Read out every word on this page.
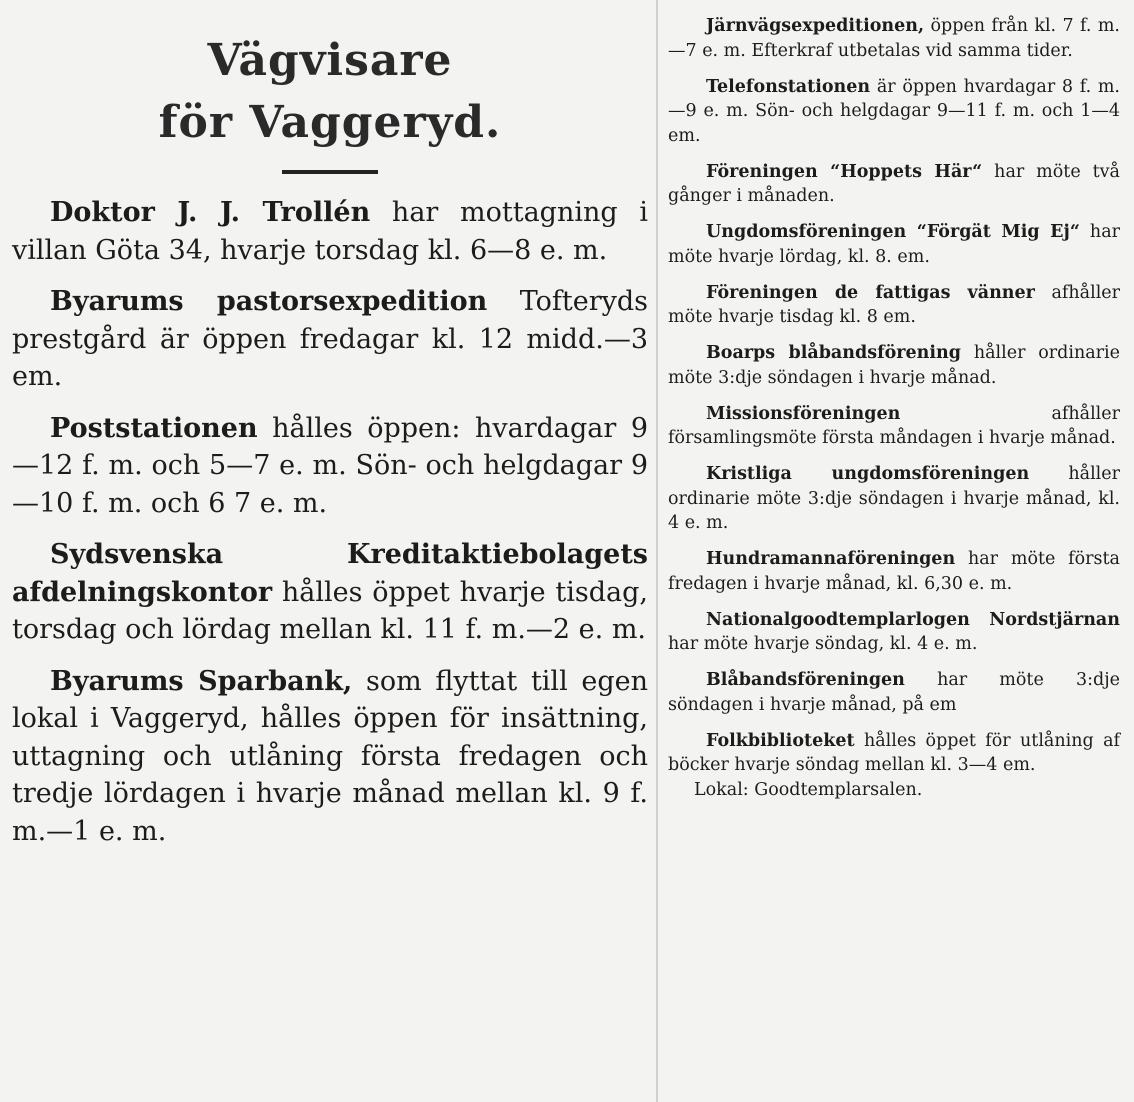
Vägvisare

för Vaggeryd.

Doktor J. J. Trollén har mottagning i villan Göta 34, hvarje torsdag kl. 6—8 e. m.

Byarums pastorsexpedition Tofteryds prestgård är öppen fredagar kl. 12 midd.—3 em.

Poststationen hålles öppen: hvardagar 9—12 f. m. och 5—7 e. m. Sön- och helgdagar 9—10 f. m. och 6 7 e. m.

Sydsvenska Kreditaktiebolagets afdelningskontor hålles öppet hvarje tisdag, torsdag och lördag mellan kl. 11 f. m.—2 e. m.

Byarums Sparbank, som flyttat till egen lokal i Vaggeryd, hålles öppen för insättning, uttagning och utlåning första fredagen och tredje lördagen i hvarje månad mellan kl. 9 f. m.—1 e. m.

Järnvägsexpeditionen, öppen från kl. 7 f. m.—7 e. m. Efterkraf utbetalas vid samma tider.

Telefonstationen är öppen hvardagar 8 f. m.—9 e. m. Sön- och helgdagar 9—11 f. m. och 1—4 em.

Föreningen “Hoppets Här“ har möte två gånger i månaden.

Ungdomsföreningen “Förgät Mig Ej“ har möte hvarje lördag, kl. 8. em.

Föreningen de fattigas vänner afhåller möte hvarje tisdag kl. 8 em.

Boarps blåbandsförening håller ordinarie möte 3:dje söndagen i hvarje månad.

Missionsföreningen afhåller församlingsmöte första måndagen i hvarje månad.

Kristliga ungdomsföreningen håller ordinarie möte 3:dje söndagen i hvarje månad, kl. 4 e. m.

Hundramannaföreningen har möte första fredagen i hvarje månad, kl. 6,30 e. m.

Nationalgoodtemplarlogen Nordstjärnan har möte hvarje söndag, kl. 4 e. m.

Blåbandsföreningen har möte 3:dje söndagen i hvarje månad, på em

Folkbiblioteket hålles öppet för utlåning af böcker hvarje söndag mellan kl. 3—4 em.

Lokal: Goodtemplarsalen.
